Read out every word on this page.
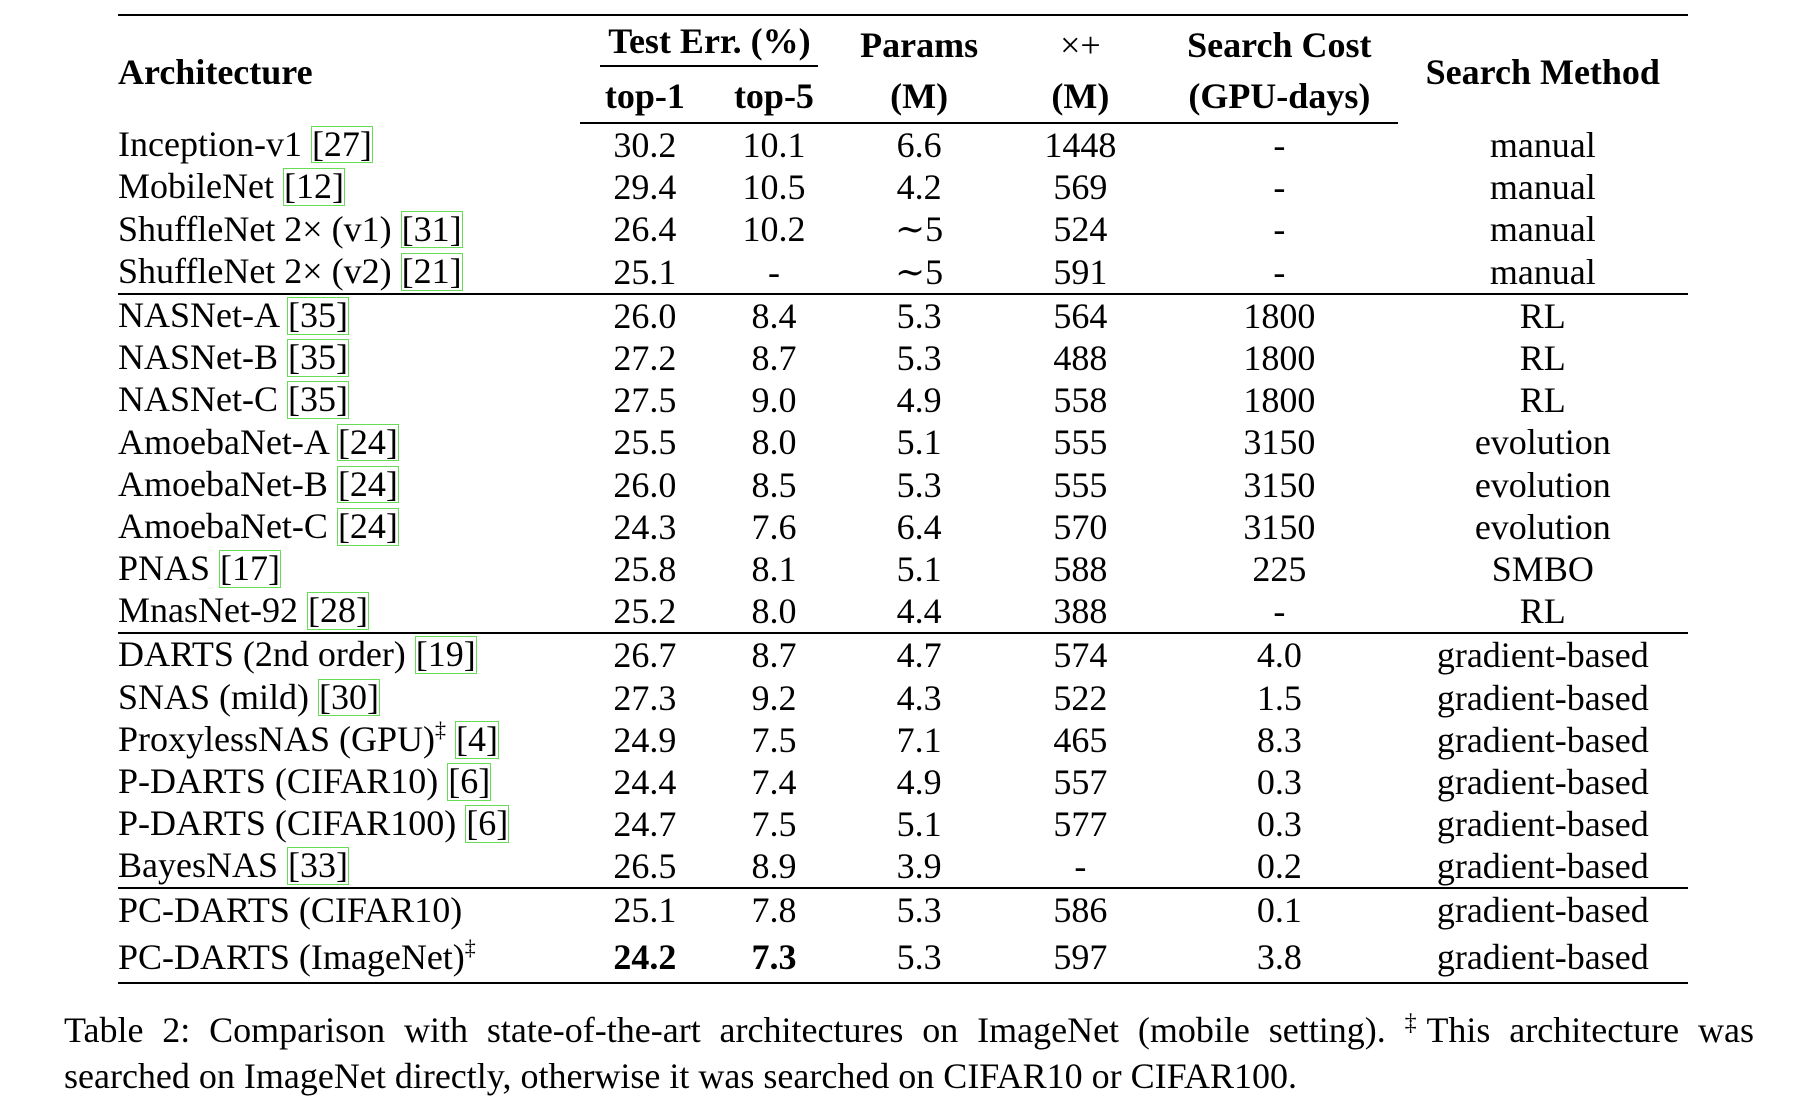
Architecture	Test Err. (%)		Params	×+	Search Cost	Search Method
	top-1	top-5	(M)	(M)	(GPU-days)	
Inception-v1 [27]	30.2	10.1	6.6	1448	-	manual
MobileNet [12]	29.4	10.5	4.2	569	-	manual
ShuffleNet 2× (v1) [31]	26.4	10.2	∼5	524	-	manual
ShuffleNet 2× (v2) [21]	25.1	-	∼5	591	-	manual
NASNet-A [35]	26.0	8.4	5.3	564	1800	RL
NASNet-B [35]	27.2	8.7	5.3	488	1800	RL
NASNet-C [35]	27.5	9.0	4.9	558	1800	RL
AmoebaNet-A [24]	25.5	8.0	5.1	555	3150	evolution
AmoebaNet-B [24]	26.0	8.5	5.3	555	3150	evolution
AmoebaNet-C [24]	24.3	7.6	6.4	570	3150	evolution
PNAS [17]	25.8	8.1	5.1	588	225	SMBO
MnasNet-92 [28]	25.2	8.0	4.4	388	-	RL
DARTS (2nd order) [19]	26.7	8.7	4.7	574	4.0	gradient-based
SNAS (mild) [30]	27.3	9.2	4.3	522	1.5	gradient-based
ProxylessNAS (GPU)‡ [4]	24.9	7.5	7.1	465	8.3	gradient-based
P-DARTS (CIFAR10) [6]	24.4	7.4	4.9	557	0.3	gradient-based
P-DARTS (CIFAR100) [6]	24.7	7.5	5.1	577	0.3	gradient-based
BayesNAS [33]	26.5	8.9	3.9	-	0.2	gradient-based
PC-DARTS (CIFAR10)	25.1	7.8	5.3	586	0.1	gradient-based
PC-DARTS (ImageNet)‡	24.2	7.3	5.3	597	3.8	gradient-based
Table 2: Comparison with state-of-the-art architectures on ImageNet (mobile setting). ‡This architecture was searched on ImageNet directly, otherwise it was searched on CIFAR10 or CIFAR100.
